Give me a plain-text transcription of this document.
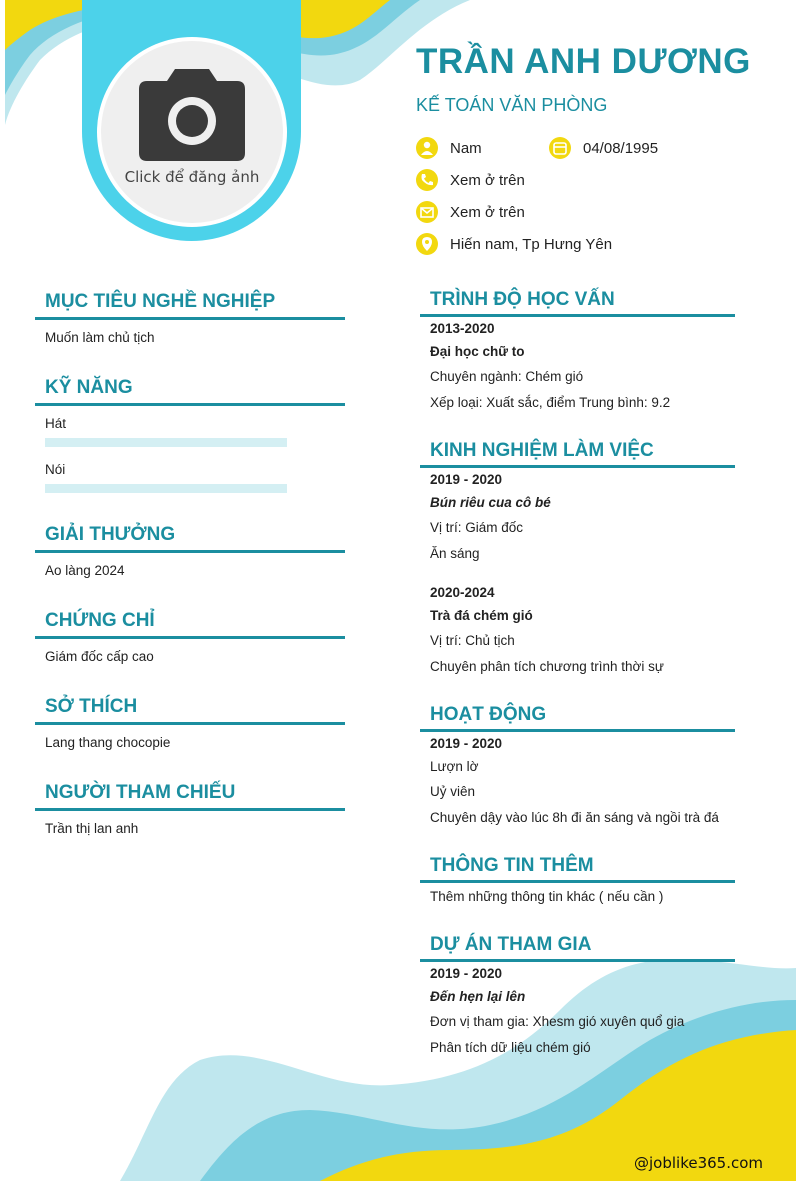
Click để đăng ảnh
TRẦN ANH DƯƠNG
KẾ TOÁN VĂN PHÒNG
Nam	04/08/1995
Xem ở trên
Xem ở trên
Hiến nam, Tp Hưng Yên
MỤC TIÊU NGHỀ NGHIỆP
Muốn làm chủ tịch
KỸ NĂNG
Hát
Nói
GIẢI THƯỞNG
Ao làng 2024
CHỨNG CHỈ
Giám đốc cấp cao
SỞ THÍCH
Lang thang chocopie
NGƯỜI THAM CHIẾU
Trần thị lan anh
TRÌNH ĐỘ HỌC VẤN
2013-2020
Đại học chữ to
Chuyên ngành: Chém gió
Xếp loại: Xuất sắc, điểm Trung bình: 9.2
KINH NGHIỆM LÀM VIỆC
2019 - 2020
Bún riêu cua cô bé
Vị trí: Giám đốc
Ăn sáng
2020-2024
Trà đá chém gió
Vị trí: Chủ tịch
Chuyên phân tích chương trình thời sự
HOẠT ĐỘNG
2019 - 2020
Lượn lờ
Uỷ viên
Chuyên dậy vào lúc 8h đi ăn sáng và ngồi trà đá
THÔNG TIN THÊM
Thêm những thông tin khác ( nếu cần )
DỰ ÁN THAM GIA
2019 - 2020
Đến hẹn lại lên
Đơn vị tham gia: Xhesm gió xuyên quổ gia
Phân tích dữ liệu chém gió
@joblike365.com
